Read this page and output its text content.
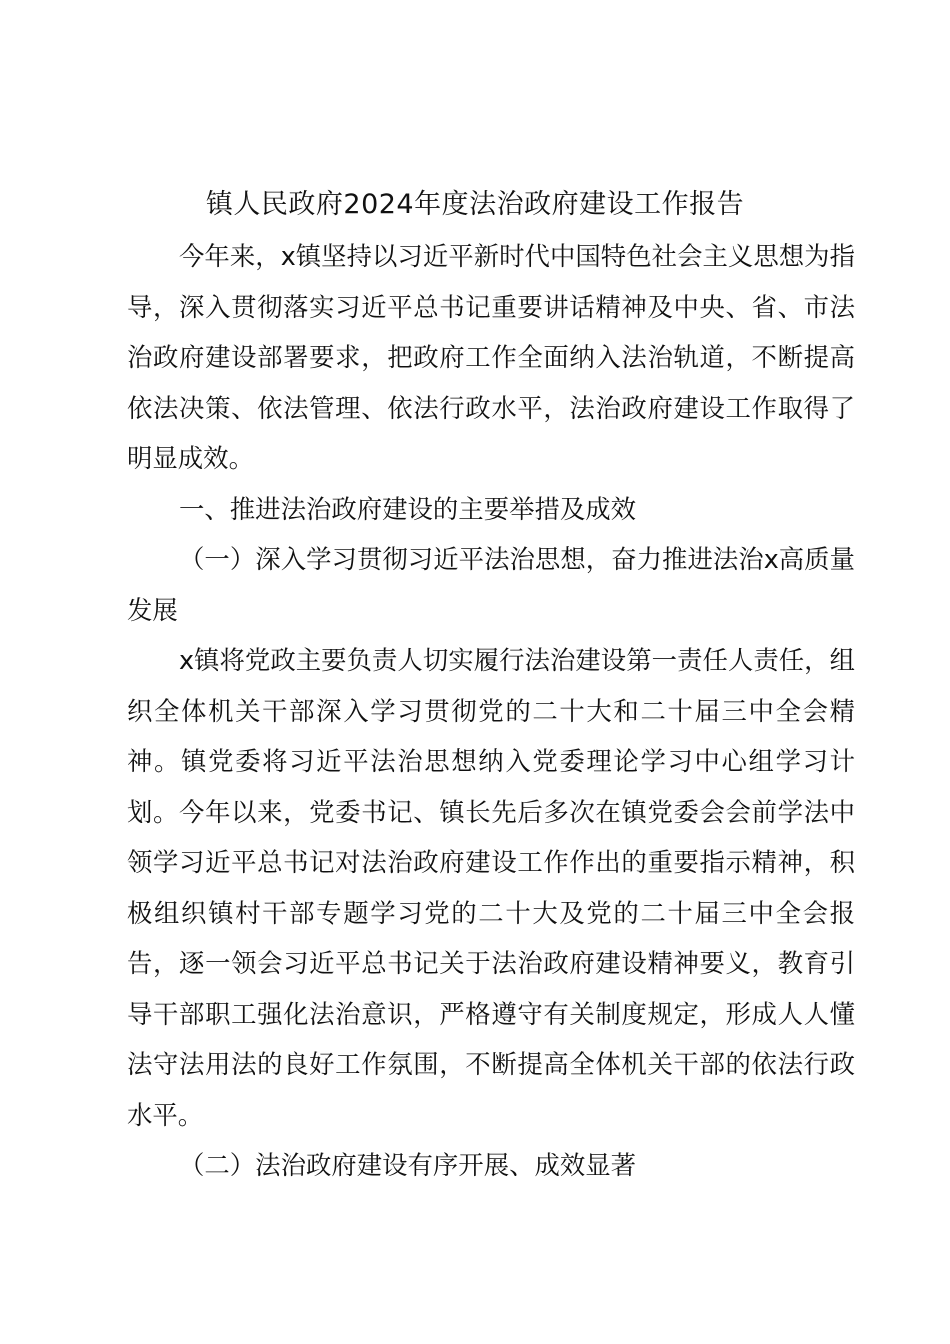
镇人民政府2024年度法治政府建设工作报告

今年来，x镇坚持以习近平新时代中国特色社会主义思想为指导，深入贯彻落实习近平总书记重要讲话精神及中央、省、市法治政府建设部署要求，把政府工作全面纳入法治轨道，不断提高依法决策、依法管理、依法行政水平，法治政府建设工作取得了明显成效。

一、推进法治政府建设的主要举措及成效

（一）深入学习贯彻习近平法治思想，奋力推进法治x高质量发展

x镇将党政主要负责人切实履行法治建设第一责任人责任，组织全体机关干部深入学习贯彻党的二十大和二十届三中全会精神。镇党委将习近平法治思想纳入党委理论学习中心组学习计划。今年以来，党委书记、镇长先后多次在镇党委会会前学法中领学习近平总书记对法治政府建设工作作出的重要指示精神，积极组织镇村干部专题学习党的二十大及党的二十届三中全会报告，逐一领会习近平总书记关于法治政府建设精神要义，教育引导干部职工强化法治意识，严格遵守有关制度规定，形成人人懂法守法用法的良好工作氛围，不断提高全体机关干部的依法行政水平。

（二）法治政府建设有序开展、成效显著
